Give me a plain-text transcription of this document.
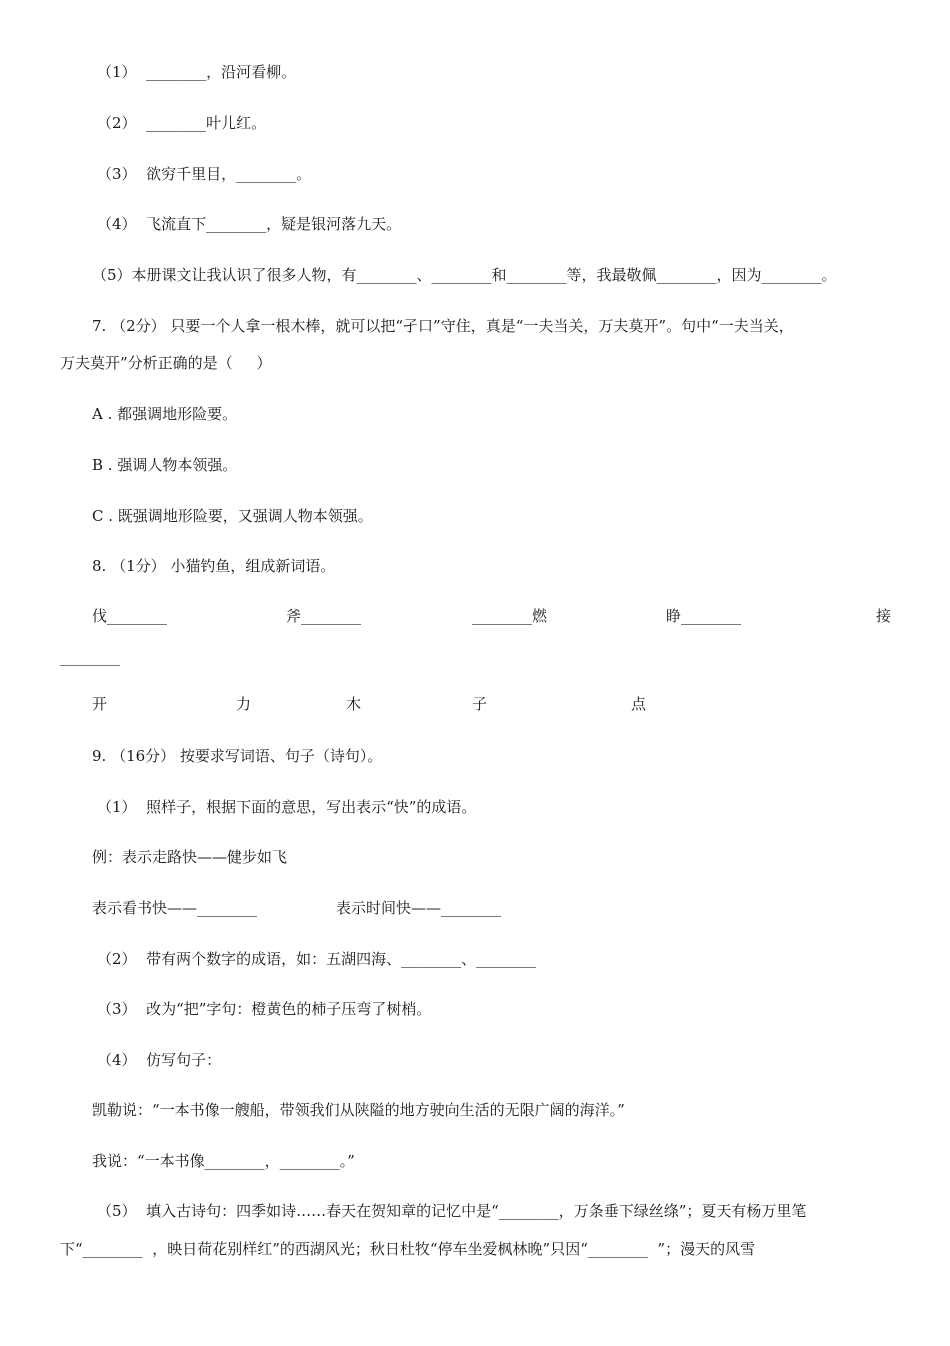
（1）  ________，沿河看柳。

（2）  ________叶儿红。

（3）  欲穷千里目，________。

（4）  飞流直下________，疑是银河落九天。

（5）本册课文让我认识了很多人物，有________、________和________等，我最敬佩________，因为________。

7. （2分） 只要一个人拿一根木棒，就可以把“孑口”守住，真是“一夫当关，万夫莫开”。句中“一夫当关，

万夫莫开”分析正确的是（     ）

A . 都强调地形险要。

B . 强调人物本领强。

C . 既强调地形险要，又强调人物本领强。

8. （1分） 小猫钓鱼，组成新词语。

伐________	斧________	________燃	睁________	接

________

开	力	木	子	点

9. （16分） 按要求写词语、句子（诗句）。

（1）  照样子，根据下面的意思，写出表示“快”的成语。

例：表示走路快——健步如飞

表示看书快——________	表示时间快——________

（2）  带有两个数字的成语，如：五湖四海、________、________

（3）  改为“把”字句：橙黄色的柿子压弯了树梢。

（4）  仿写句子：

凯勒说：“一本书像一艘船，带领我们从陕隘的地方驶向生活的无限广阔的海洋。”

我说：“一本书像________，________。”

（5）  填入古诗句：四季如诗……春天在贺知章的记忆中是“________，万条垂下绿丝绦”；夏天有杨万里笔

下“________  ，映日荷花别样红”的西湖风光；秋日杜牧“停车坐爱枫林晚”只因“________  ”；漫天的风雪
